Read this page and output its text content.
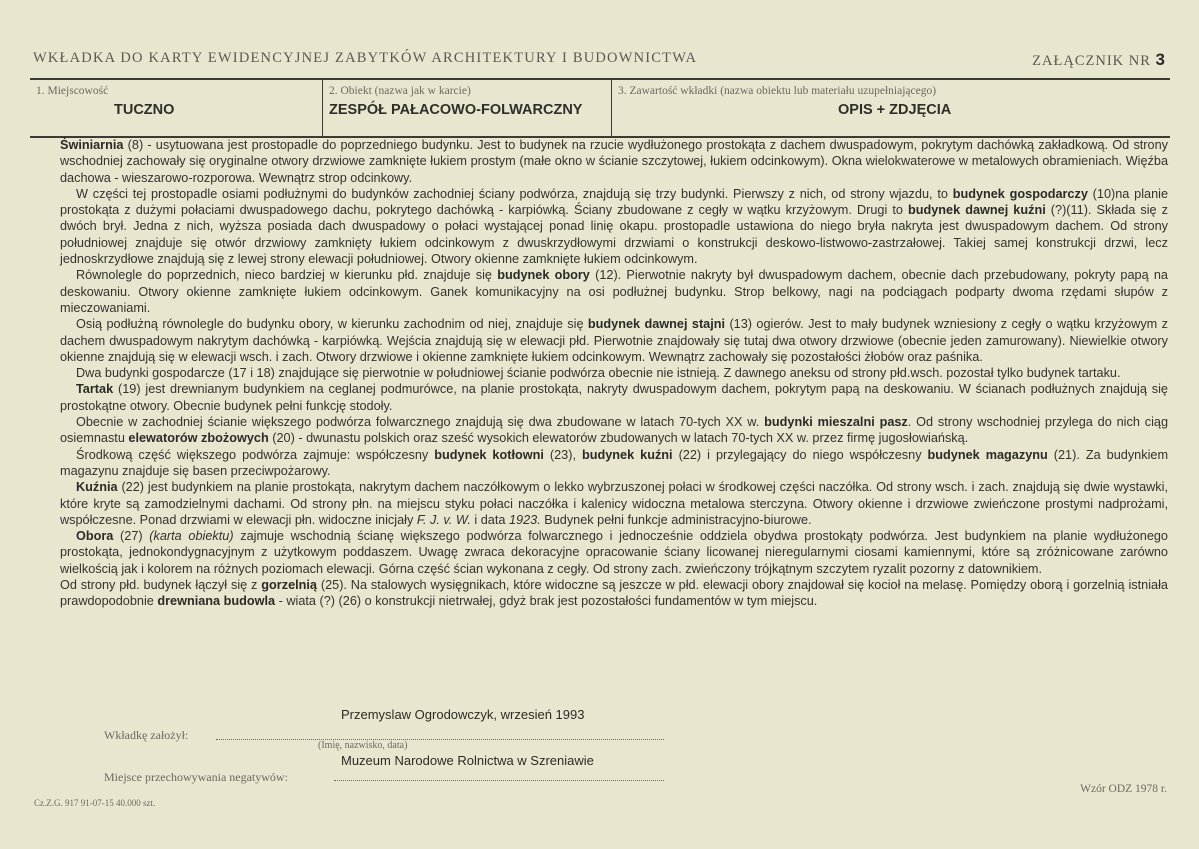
WKŁADKA DO KARTY EWIDENCYJNEJ ZABYTKÓW ARCHITEKTURY I BUDOWNICTWA	ZAŁĄCZNIK NR 3
1. Miejscowość
TUCZNO
2. Obiekt (nazwa jak w karcie)
ZESPÓŁ PAŁACOWO-FOLWARCZNY
3. Zawartość wkładki (nazwa obiektu lub materiału uzupełniającego)
OPIS + ZDJĘCIA

Świniarnia (8) - usytuowana jest prostopadle do poprzedniego budynku. Jest to budynek na rzucie wydłużonego prostokąta z dachem dwuspadowym, pokrytym dachówką zakładkową. Od strony wschodniej zachowały się oryginalne otwory drzwiowe zamknięte łukiem prostym (małe okno w ścianie szczytowej, łukiem odcinkowym). Okna wielokwaterowe w metalowych obramieniach. Więźba dachowa - wieszarowo-rozporowa. Wewnątrz strop odcinkowy.

W części tej prostopadle osiami podłużnymi do budynków zachodniej ściany podwórza, znajdują się trzy budynki. Pierwszy z nich, od strony wjazdu, to budynek gospodarczy (10)na planie prostokąta z dużymi połaciami dwuspadowego dachu, pokrytego dachówką - karpiówką. Ściany zbudowane z cegły w wątku krzyżowym. Drugi to budynek dawnej kuźni (?)(11). Składa się z dwóch brył. Jedna z nich, wyższa posiada dach dwuspadowy o połaci wystającej ponad linię okapu. prostopadle ustawiona do niego bryła nakryta jest dwuspadowym dachem. Od strony południowej znajduje się otwór drzwiowy zamknięty łukiem odcinkowym z dwuskrzydłowymi drzwiami o konstrukcji deskowo-listwowo-zastrzałowej. Takiej samej konstrukcji drzwi, lecz jednoskrzydłowe znajdują się z lewej strony elewacji południowej. Otwory okienne zamknięte łukiem odcinkowym.

Równolegle do poprzednich, nieco bardziej w kierunku płd. znajduje się budynek obory (12). Pierwotnie nakryty był dwuspadowym dachem, obecnie dach przebudowany, pokryty papą na deskowaniu. Otwory okienne zamknięte łukiem odcinkowym. Ganek komunikacyjny na osi podłużnej budynku. Strop belkowy, nagi na podciągach podparty dwoma rzędami słupów z mieczowaniami.

Osią podłużną równolegle do budynku obory, w kierunku zachodnim od niej, znajduje się budynek dawnej stajni (13) ogierów. Jest to mały budynek wzniesiony z cegły o wątku krzyżowym z dachem dwuspadowym nakrytym dachówką - karpiówką. Wejścia znajdują się w elewacji płd. Pierwotnie znajdowały się tutaj dwa otwory drzwiowe (obecnie jeden zamurowany). Niewielkie otwory okienne znajdują się w elewacji wsch. i zach. Otwory drzwiowe i okienne zamknięte łukiem odcinkowym. Wewnątrz zachowały się pozostałości żłobów oraz paśnika.

Dwa budynki gospodarcze (17 i 18) znajdujące się pierwotnie w południowej ścianie podwórza obecnie nie istnieją. Z dawnego aneksu od strony płd.wsch. pozostał tylko budynek tartaku.

Tartak (19) jest drewnianym budynkiem na ceglanej podmurówce, na planie prostokąta, nakryty dwuspadowym dachem, pokrytym papą na deskowaniu. W ścianach podłużnych znajdują się prostokątne otwory. Obecnie budynek pełni funkcję stodoły.

Obecnie w zachodniej ścianie większego podwórza folwarcznego znajdują się dwa zbudowane w latach 70-tych XX w. budynki mieszalni pasz. Od strony wschodniej przylega do nich ciąg osiemnastu elewatorów zbożowych (20) - dwunastu polskich oraz sześć wysokich elewatorów zbudowanych w latach 70-tych XX w. przez firmę jugosłowiańską.

Środkową część większego podwórza zajmuje: współczesny budynek kotłowni (23), budynek kuźni (22) i przylegający do niego współczesny budynek magazynu (21). Za budynkiem magazynu znajduje się basen przeciwpożarowy.

Kuźnia (22) jest budynkiem na planie prostokąta, nakrytym dachem naczółkowym o lekko wybrzuszonej połaci w środkowej części naczółka. Od strony wsch. i zach. znajdują się dwie wystawki, które kryte są zamodzielnymi dachami. Od strony płn. na miejscu styku połaci naczółka i kalenicy widoczna metalowa sterczyna. Otwory okienne i drzwiowe zwieńczone prostymi nadprożami, współczesne. Ponad drzwiami w elewacji płn. widoczne inicjały F. J. v. W. i data 1923. Budynek pełni funkcje administracyjno-biurowe.

Obora (27) (karta obiektu) zajmuje wschodnią ścianę większego podwórza folwarcznego i jednocześnie oddziela obydwa prostokąty podwórza. Jest budynkiem na planie wydłużonego prostokąta, jednokondygnacyjnym z użytkowym poddaszem. Uwagę zwraca dekoracyjne opracowanie ściany licowanej nieregularnymi ciosami kamiennymi, które są zróżnicowane zarówno wielkością jak i kolorem na różnych poziomach elewacji. Górna część ścian wykonana z cegły. Od strony zach. zwieńczony trójkątnym szczytem ryzalit pozorny z datownikiem.

Od strony płd. budynek łączył się z gorzelnią (25). Na stalowych wysięgnikach, które widoczne są jeszcze w płd. elewacji obory znajdował się kocioł na melasę. Pomiędzy oborą i gorzelnią istniała prawdopodobnie drewniana budowla - wiata (?) (26) o konstrukcji nietrwałej, gdyż brak jest pozostałości fundamentów w tym miejscu.

Przemyslaw Ogrodowczyk, wrzesień 1993
Wkładkę założył:
(Imię, nazwisko, data)
Muzeum Narodowe Rolnictwa w Szreniawie
Miejsce przechowywania negatywów:
Wzór ODZ 1978 r.
Cz.Z.G. 917 91-07-15 40.000 szt.
